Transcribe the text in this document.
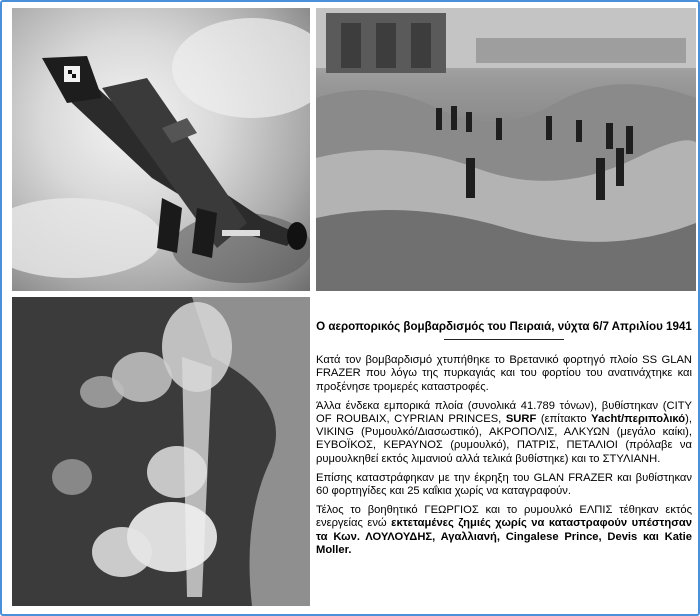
Ο αεροπορικός βομβαρδισμός του Πειραιά, νύχτα 6/7 Απριλίου 1941

Κατά τον βομβαρδισμό χτυπήθηκε το Βρετανικό φορτηγό πλοίο SS GLAN FRAZER που λόγω της πυρκαγιάς και του φορτίου του ανατινάχτηκε και προξένησε τρομερές καταστροφές.

Άλλα ένδεκα εμπορικά πλοία (συνολικά 41.789 τόνων), βυθίστηκαν (CITY OF ROUBAIX, CYPRIAN PRINCES, SURF (επίτακτο Yacht/περιπολικό), VIKING (Ρυμουλκό/Διασωστικό), ΑΚΡΟΠΟΛΙΣ, ΑΛΚΥΩΝ (μεγάλο καίκι), ΕΥΒΟΪΚΟΣ, ΚΕΡΑΥΝΟΣ (ρυμουλκό), ΠΑΤΡΙΣ, ΠΕΤΑΛΙΟΙ (πρόλαβε να ρυμουλκηθεί εκτός λιμανιού αλλά τελικά βυθίστηκε) και το ΣΤΥΛΙΑΝΗ.

Επίσης καταστράφηκαν με την έκρηξη του GLAN FRAZER και βυθίστηκαν 60 φορτηγίδες και 25 καΐκια χωρίς να καταγραφούν.

Τέλος το βοηθητικό ΓΕΩΡΓΙΟΣ και το ρυμουλκό ΕΛΠΙΣ τέθηκαν εκτός ενεργείας ενώ εκτεταμένες ζημιές χωρίς να καταστραφούν υπέστησαν τα Κων. ΛΟΥΛΟΥΔΗΣ, Αγαλλιανή, Cingalese Prince, Devis και Katie Moller.
